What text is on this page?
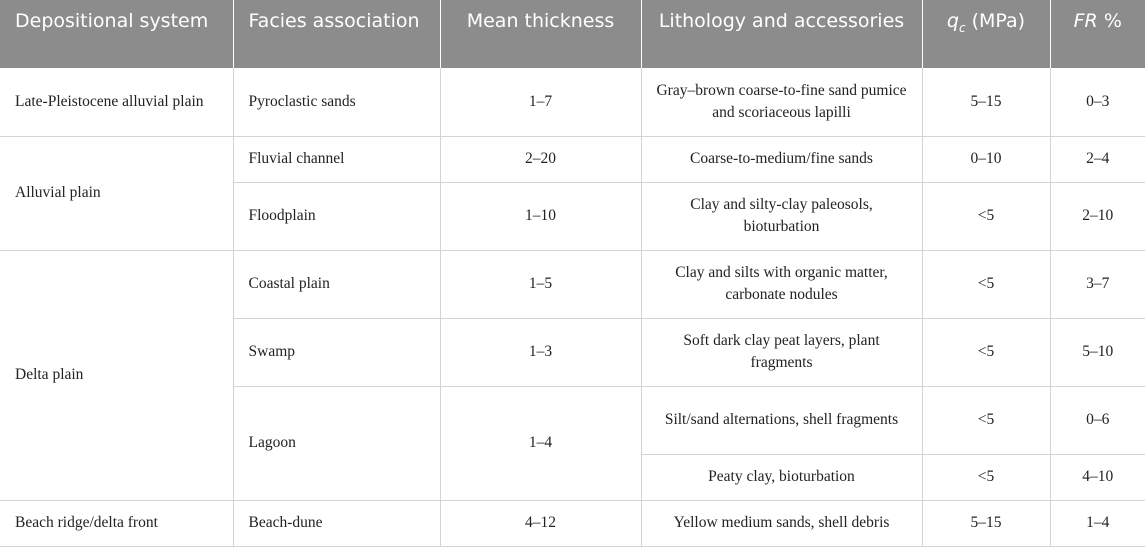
Depositional system	Facies association	Mean thickness	Lithology and accessories	$q_c$ (MPa)	FR %

Late-Pleistocene alluvial plain	Pyroclastic sands	1–7	Gray–brown coarse-to-fine sand pumice and scoriaceous lapilli	5–15	0–3
Alluvial plain	Fluvial channel	2–20	Coarse-to-medium/fine sands	0–10	2–4
	Floodplain	1–10	Clay and silty-clay paleosols, bioturbation	<5	2–10
Delta plain	Coastal plain	1–5	Clay and silts with organic matter, carbonate nodules	<5	3–7
	Swamp	1–3	Soft dark clay peat layers, plant fragments	<5	5–10
	Lagoon	1–4	Silt/sand alternations, shell fragments	<5	0–6
			Peaty clay, bioturbation	<5	4–10
Beach ridge/delta front	Beach-dune	4–12	Yellow medium sands, shell debris	5–15	1–4
